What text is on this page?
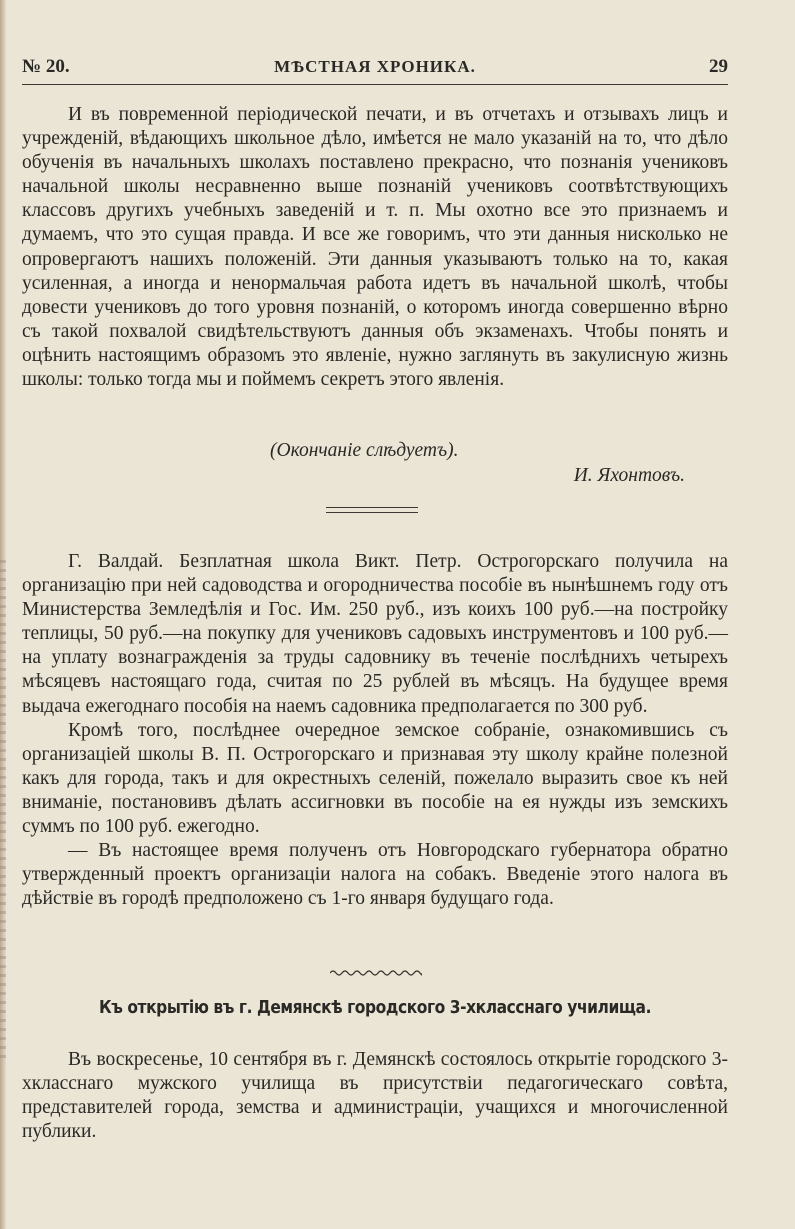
№ 20.	МѢСТНАЯ ХРОНИКА.	29

И въ повременной періодической печати, и въ отчетахъ и отзывахъ лицъ и учрежденій, вѣдающихъ школьное дѣло, имѣется не мало указаній на то, что дѣло обученія въ начальныхъ школахъ поставлено прекрасно, что познанія учениковъ начальной школы несравненно выше познаній учениковъ соотвѣтствующихъ классовъ другихъ учебныхъ заведеній и т. п. Мы охотно все это признаемъ и думаемъ, что это сущая правда. И все же говоримъ, что эти данныя нисколько не опровергаютъ нашихъ положеній. Эти данныя указываютъ только на то, какая усиленная, а иногда и ненормальчая работа идетъ въ начальной школѣ, чтобы довести учениковъ до того уровня познаній, о которомъ иногда совершенно вѣрно съ такой похвалой свидѣтельствуютъ данныя объ экзаменахъ. Чтобы понять и оцѣнить настоящимъ образомъ это явленіе, нужно заглянуть въ закулисную жизнь школы: только тогда мы и поймемъ секретъ этого явленія.

(Окончаніе слѣдуетъ).
И. Яхонтовъ.

Г. Валдай. Безплатная школа Викт. Петр. Острогорскаго получила на организацію при ней садоводства и огородничества пособіе въ нынѣшнемъ году отъ Министерства Земледѣлія и Гос. Им. 250 руб., изъ коихъ 100 руб.—на постройку теплицы, 50 руб.—на покупку для учениковъ садовыхъ инструментовъ и 100 руб.—на уплату вознагражденія за труды садовнику въ теченіе послѣднихъ четырехъ мѣсяцевъ настоящаго года, считая по 25 рублей въ мѣсяцъ. На будущее время выдача ежегоднаго пособія на наемъ садовника предполагается по 300 руб.

Кромѣ того, послѣднее очередное земское собраніе, ознакомившись съ организаціей школы В. П. Острогорскаго и признавая эту школу крайне полезной какъ для города, такъ и для окрестныхъ селеній, пожелало выразить свое къ ней вниманіе, постановивъ дѣлать ассигновки въ пособіе на ея нужды изъ земскихъ суммъ по 100 руб. ежегодно.

— Въ настоящее время полученъ отъ Новгородскаго губернатора обратно утвержденный проектъ организаціи налога на собакъ. Введеніе этого налога въ дѣйствіе въ городѣ предположено съ 1-го января будущаго года.

Къ открытію въ г. Демянскѣ городского 3-хкласснаго училища.

Въ воскресенье, 10 сентября въ г. Демянскѣ состоялось открытіе городского 3-хкласснаго мужского училища въ присутствіи педагогическаго совѣта, представителей города, земства и администраціи, учащихся и многочисленной публики.
